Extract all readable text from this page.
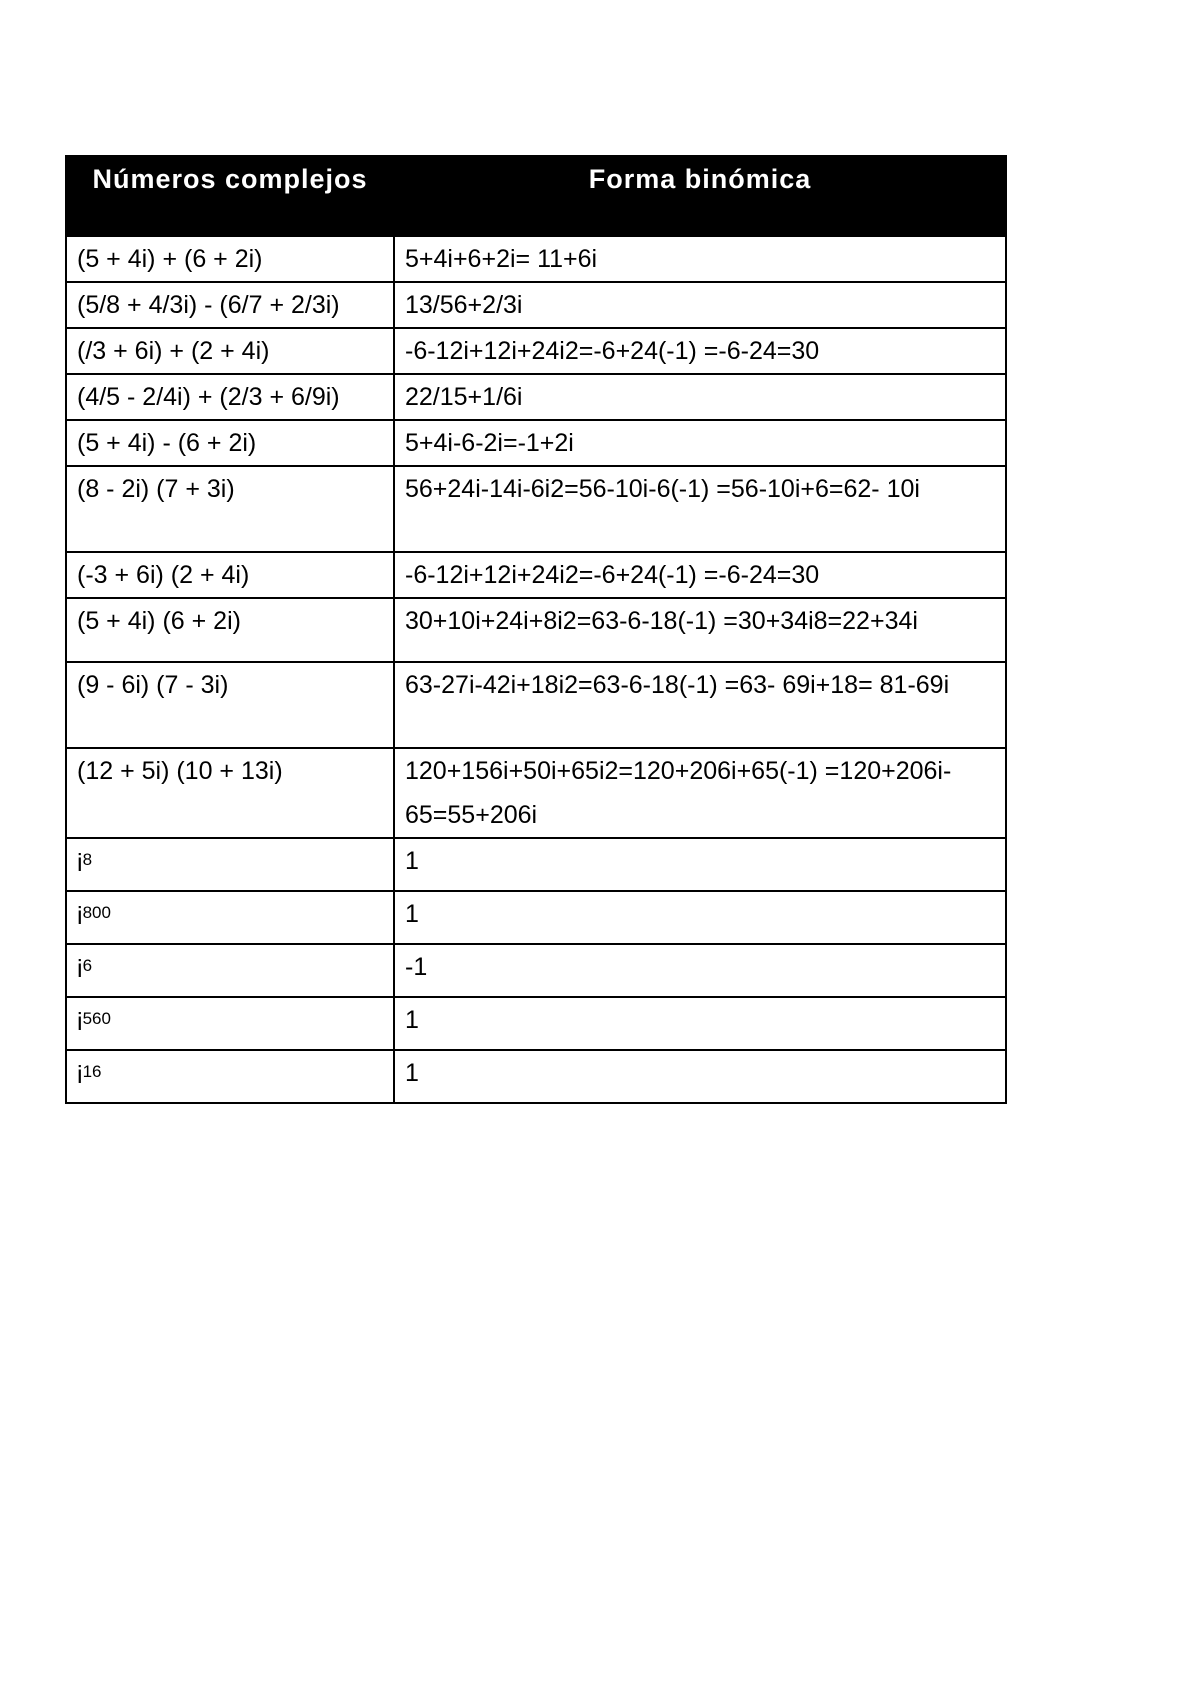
Números complejos	Forma binómica
(5 + 4i) + (6 + 2i)	5+4i+6+2i= 11+6i
(5/8 + 4/3i) - (6/7 + 2/3i)	13/56+2/3i
(/3 + 6i) + (2 + 4i)	-6-12i+12i+24i2=-6+24(-1) =-6-24=30
(4/5 - 2/4i) + (2/3 + 6/9i)	22/15+1/6i
(5 + 4i) - (6 + 2i)	5+4i-6-2i=-1+2i
(8 - 2i) (7 + 3i)	56+24i-14i-6i2=56-10i-6(-1) =56-10i+6=62- 10i
(-3 + 6i) (2 + 4i)	-6-12i+12i+24i2=-6+24(-1) =-6-24=30
(5 + 4i) (6 + 2i)	30+10i+24i+8i2=63-6-18(-1) =30+34i8=22+34i
(9 - 6i) (7 - 3i)	63-27i-42i+18i2=63-6-18(-1) =63- 69i+18= 81-69i
(12 + 5i) (10 + 13i)	120+156i+50i+65i2=120+206i+65(-1) =120+206i-65=55+206i
$i^8$	1
$i^{800}$	1
$i^6$	-1
$i^{560}$	1
$i^{16}$	1
